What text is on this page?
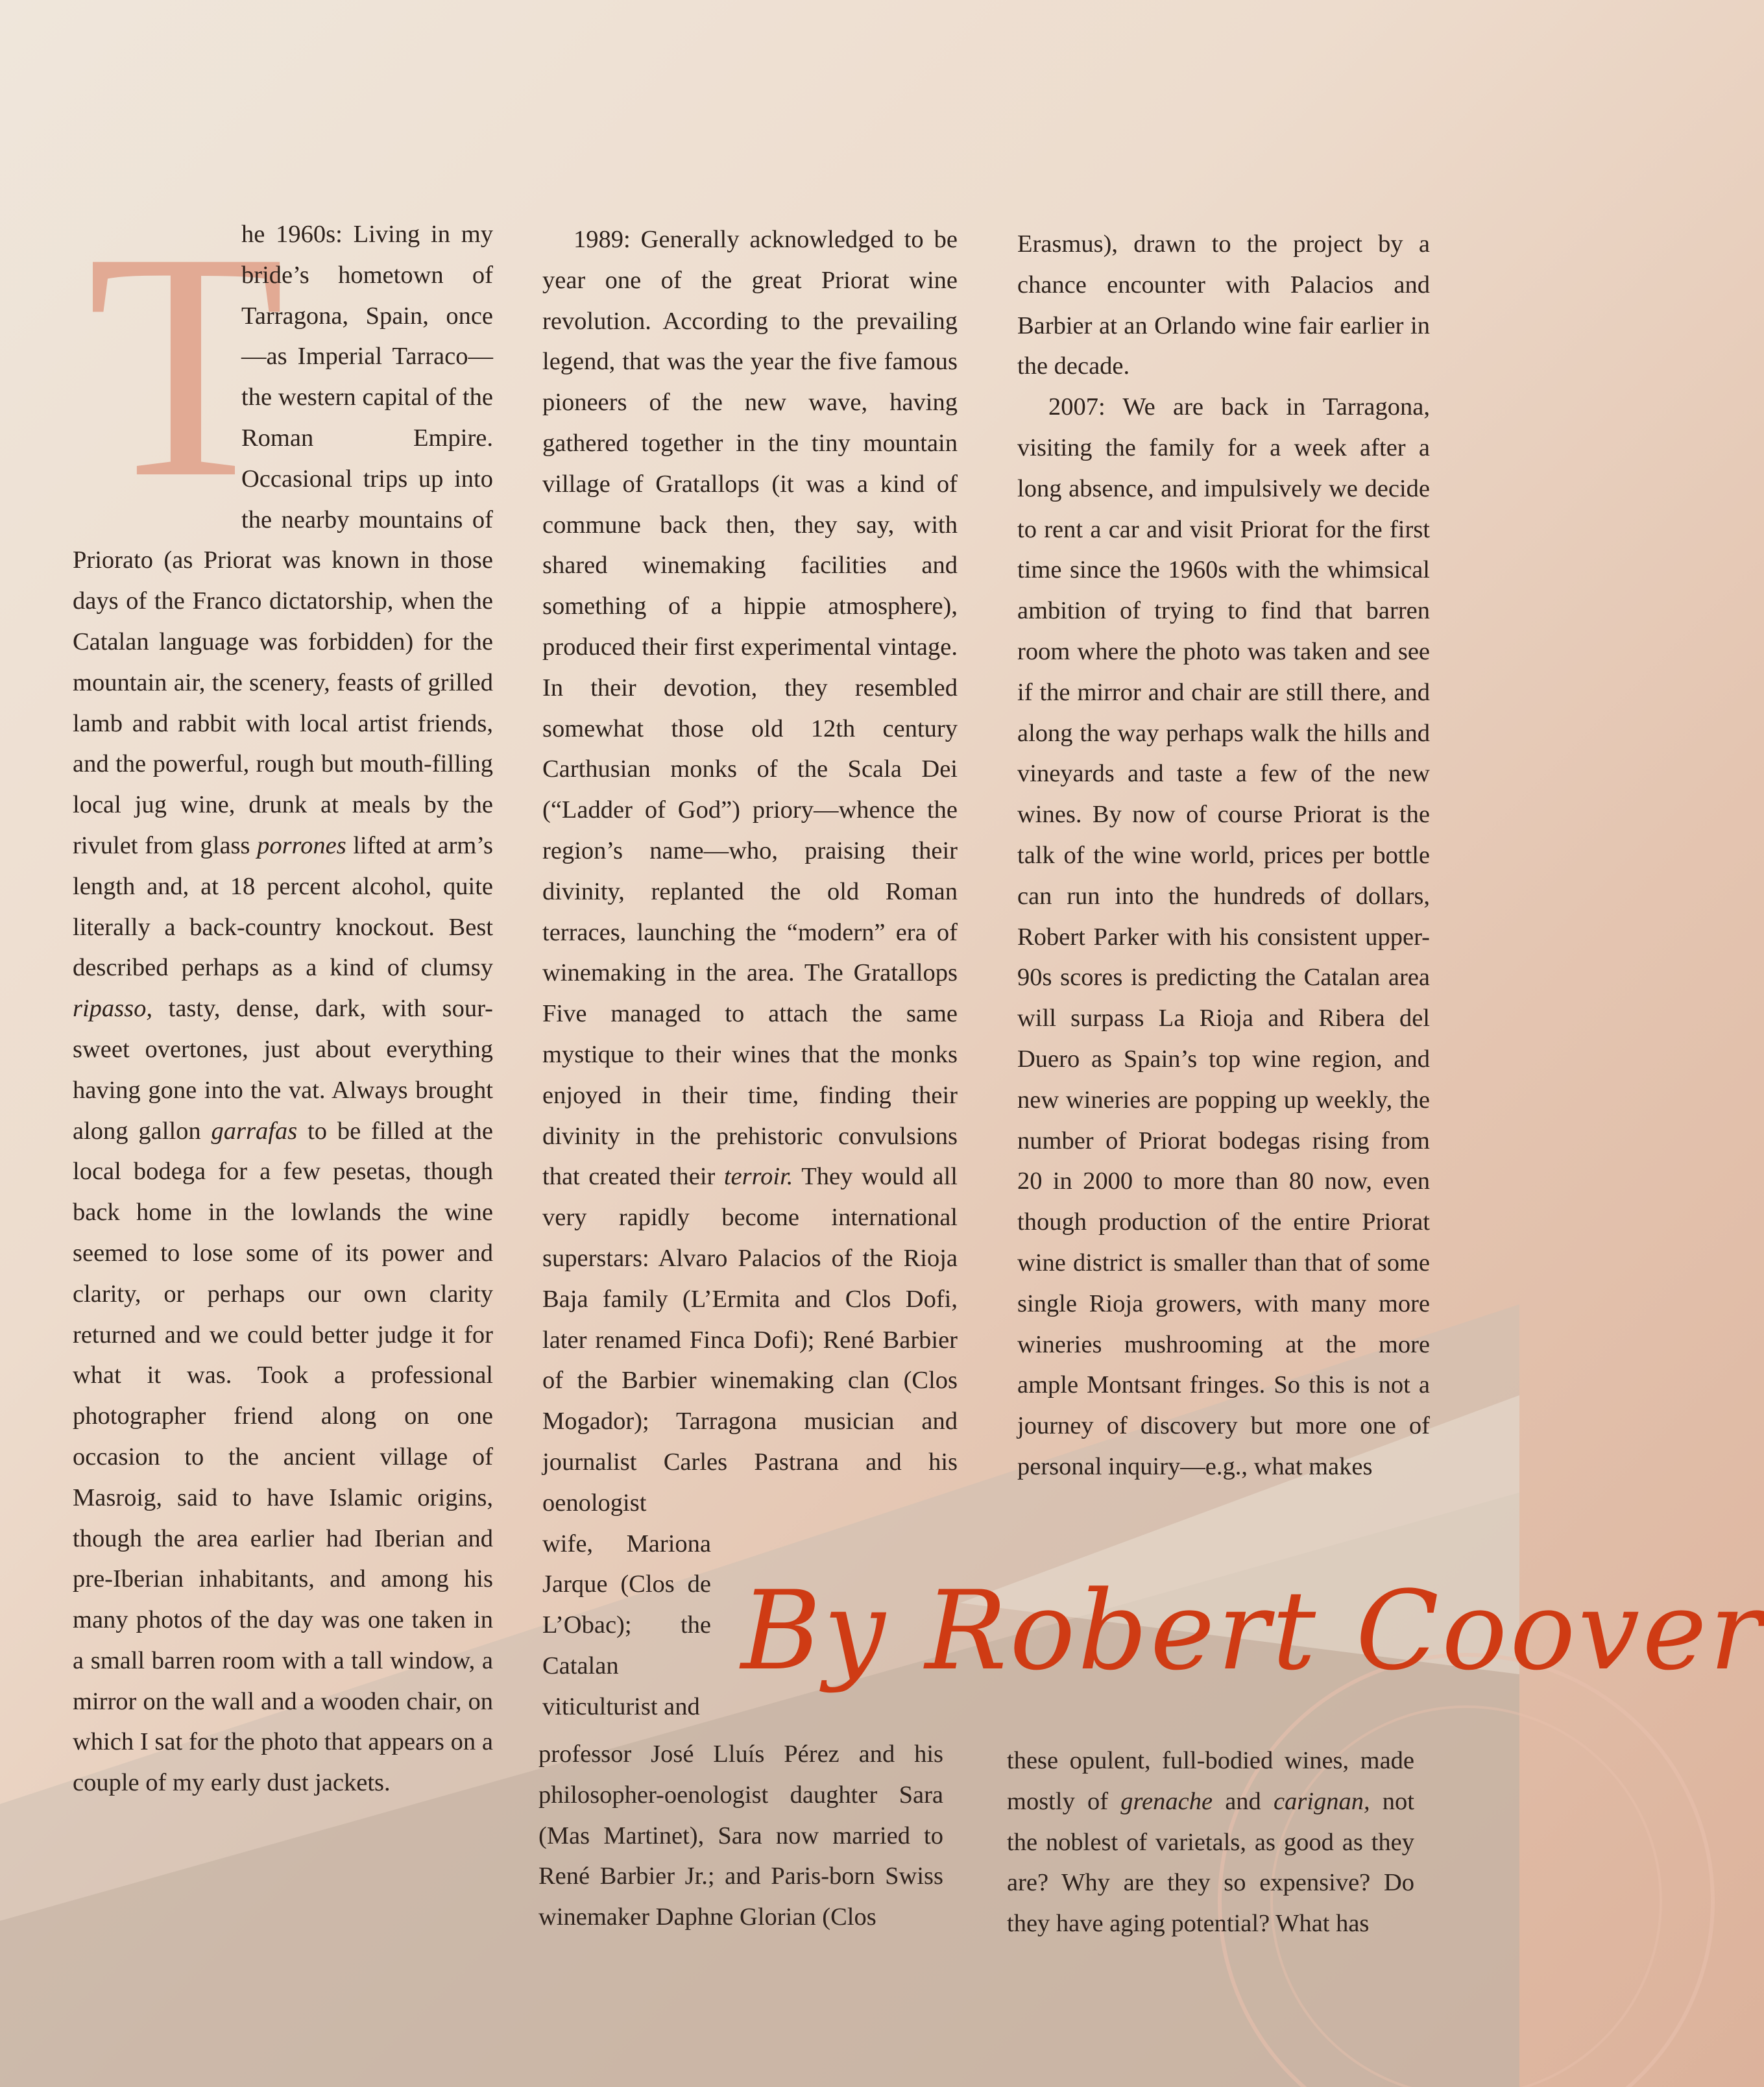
T
he 1960s: Living in my bride’s hometown of Tarragona, Spain, once—as Imperial Tarraco—the western capital of the Roman Empire. Occasional trips up into the nearby mountains of Priorato (as Priorat was known in those days of the Franco dictatorship, when the Catalan language was forbidden) for the mountain air, the scenery, feasts of grilled lamb and rabbit with local artist friends, and the powerful, rough but mouth-filling local jug wine, drunk at meals by the rivulet from glass porrones lifted at arm’s length and, at 18 percent alcohol, quite literally a back-country knockout. Best described perhaps as a kind of clumsy ripasso, tasty, dense, dark, with sour-sweet overtones, just about everything having gone into the vat. Always brought along gallon garrafas to be filled at the local bodega for a few pesetas, though back home in the lowlands the wine seemed to lose some of its power and clarity, or perhaps our own clarity returned and we could better judge it for what it was. Took a professional photographer friend along on one occasion to the ancient village of Masroig, said to have Islamic origins, though the area earlier had Iberian and pre-Iberian inhabitants, and among his many photos of the day was one taken in a small barren room with a tall window, a mirror on the wall and a wooden chair, on which I sat for the photo that appears on a couple of my early dust jackets.

1989: Generally acknowledged to be year one of the great Priorat wine revolution. According to the prevailing legend, that was the year the five famous pioneers of the new wave, having gathered together in the tiny mountain village of Gratallops (it was a kind of commune back then, they say, with shared winemaking facilities and something of a hippie atmosphere), produced their first experimental vintage. In their devotion, they resembled somewhat those old 12th century Carthusian monks of the Scala Dei (“Ladder of God”) priory—whence the region’s name—who, praising their divinity, replanted the old Roman terraces, launching the “modern” era of winemaking in the area. The Gratallops Five managed to attach the same mystique to their wines that the monks enjoyed in their time, finding their divinity in the prehistoric convulsions that created their terroir. They would all very rapidly become international superstars: Alvaro Palacios of the Rioja Baja family (L’Ermita and Clos Dofi, later renamed Finca Dofi); René Barbier of the Barbier winemaking clan (Clos Mogador); Tarragona musician and journalist Carles Pastrana and his oenologist

wife, Mariona Jarque (Clos de L’Obac); the Catalan viticulturist and

professor José Lluís Pérez and his philosopher-oenologist daughter Sara (Mas Martinet), Sara now married to René Barbier Jr.; and Paris-born Swiss winemaker Daphne Glorian (Clos

Erasmus), drawn to the project by a chance encounter with Palacios and Barbier at an Orlando wine fair earlier in the decade.

2007: We are back in Tarragona, visiting the family for a week after a long absence, and impulsively we decide to rent a car and visit Priorat for the first time since the 1960s with the whimsical ambition of trying to find that barren room where the photo was taken and see if the mirror and chair are still there, and along the way perhaps walk the hills and vineyards and taste a few of the new wines. By now of course Priorat is the talk of the wine world, prices per bottle can run into the hundreds of dollars, Robert Parker with his consistent upper-90s scores is predicting the Catalan area will surpass La Rioja and Ribera del Duero as Spain’s top wine region, and new wineries are popping up weekly, the number of Priorat bodegas rising from 20 in 2000 to more than 80 now, even though production of the entire Priorat wine district is smaller than that of some single Rioja growers, with many more wineries mushrooming at the more ample Montsant fringes. So this is not a journey of discovery but more one of personal inquiry—e.g., what makes

these opulent, full-bodied wines, made mostly of grenache and carignan, not the noblest of varietals, as good as they are? Why are they so expensive? Do they have aging potential? What has

By Robert Coover
